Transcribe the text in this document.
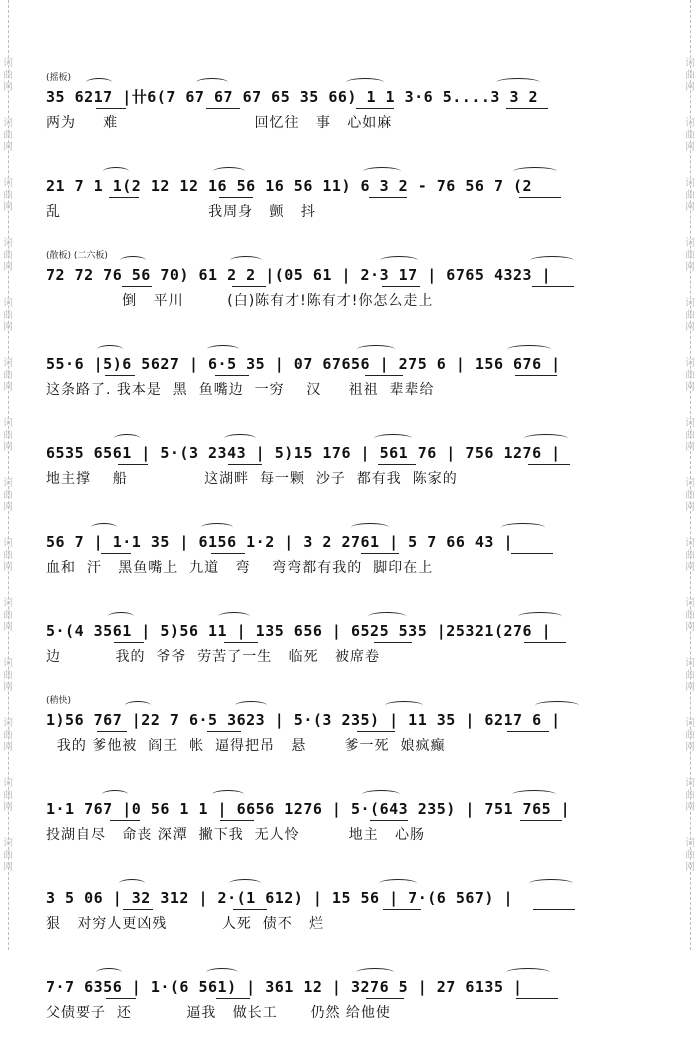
(摇板)
35 6217 |卄6(7 67 67 67 65 35 66) 1 1 3·6 5....3 3 2
两为     难                         回忆往   事   心如麻
21 7 1 1(2 12 12 16 56 16 56 11) 6 3 2 - 76 56 7 (2
乱                           我周身   颤   抖
(散板) (二六板)
72 72 76 56 70) 61 2 2 |(05 61 | 2·3 17 | 6765 4323 |
倒   平川        (白)陈有才!陈有才!你怎么走上
55·6 |5)6 5627 | 6·5 35 | 07 67656 | 275 6 | 156 676 |
这条路了. 我本是  黑  鱼嘴边  一穷    汉     祖祖  辈辈给
6535 6561 | 5·(3 2343 | 5)15 176 | 561 76 | 756 1276 |
地主撑    船              这湖畔  每一颗  沙子  都有我  陈家的
56 7 | 1·1 35 | 6156 1·2 | 3 2 2761 | 5 7 66 43 |
血和  汗   黑鱼嘴上  九道   弯    弯弯都有我的  脚印在上
5·(4 3561 | 5)56 11 | 135 656 | 6525 535 |25321(276 |
边          我的  爷爷  劳苦了一生   临死   被席卷
(稍快)
1)56 767 |22 7 6·5 3623 | 5·(3 235) | 11 35 | 6217 6 |
我的 爹他被  阎王  帐  逼得把吊   悬       爹一死  娘疯癫
1·1 767 |0 56 1 1 | 6656 1276 | 5·(643 235) | 751 765 |
投湖自尽   命丧 深潭  撇下我  无人怜         地主   心肠
3 5 06 | 32 312 | 2·(1 612) | 15 56 | 7·(6 567) |
狠   对穷人更凶残          人死  债不   烂
7·7 6356 | 1·(6 561) | 361 12 | 3276 5 | 27 6135 |
父债要子  还          逼我   做长工      仍然 给他使
词
曲
网
词
曲
网
词
曲
网
词
曲
网
词
曲
网
词
曲
网
词
曲
网
词
曲
网
词
曲
网
词
曲
网
词
曲
网
词
曲
网
词
曲
网
词
曲
网
词
曲
网
词
曲
网
词
曲
网
词
曲
网
词
曲
网
词
曲
网
词
曲
网
词
曲
网
词
曲
网
词
曲
网
词
曲
网
词
曲
网
词
曲
网
词
曲
网
